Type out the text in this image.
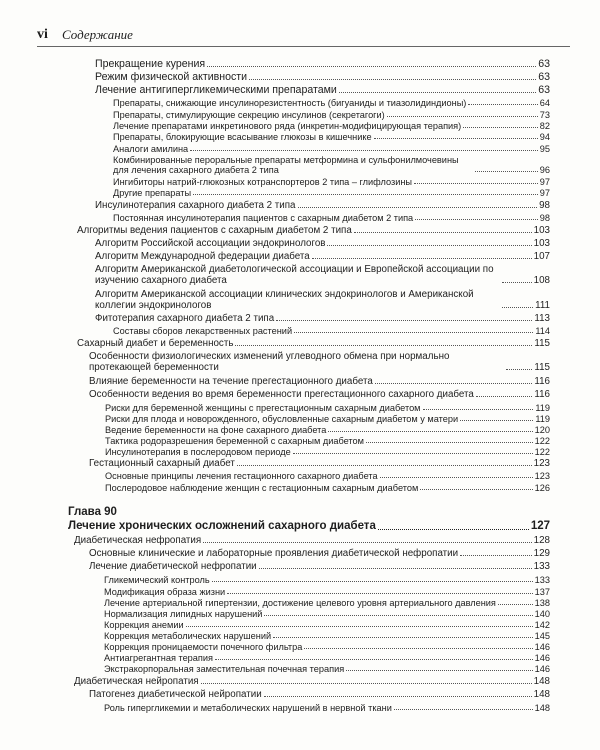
vi Содержание
Прекращение курения	63
Режим физической активности	63
Лечение антигипергликемическими препаратами	63
Препараты, снижающие инсулинорезистентность (бигуаниды и тиазолидиндионы)	64
Препараты, стимулирующие секрецию инсулинов (секретагоги)	73
Лечение препаратами инкретинового ряда (инкретин-модифицирующая терапия)	82
Препараты, блокирующие всасывание глюкозы в кишечнике	94
Аналоги амилина	95
Комбинированные пероральные препараты метформина и сульфонилмочевины для лечения сахарного диабета 2 типа	96
Ингибиторы натрий-глюкозных котранспортеров 2 типа – глифлозины	97
Другие препараты	97
Инсулинотерапия сахарного диабета 2 типа	98
Постоянная инсулинотерапия пациентов с сахарным диабетом 2 типа	98
Алгоритмы ведения пациентов с сахарным диабетом 2 типа	103
Алгоритм Российской ассоциации эндокринологов	103
Алгоритм Международной федерации диабета	107
Алгоритм Американской диабетологической ассоциации и Европейской ассоциации по изучению сахарного диабета	108
Алгоритм Американской ассоциации клинических эндокринологов и Американской коллегии эндокринологов	111
Фитотерапия сахарного диабета 2 типа	113
Составы сборов лекарственных растений	114
Сахарный диабет и беременность	115
Особенности физиологических изменений углеводного обмена при нормально протекающей беременности	115
Влияние беременности на течение прегестационного диабета	116
Особенности ведения во время беременности прегестационного сахарного диабета	116
Риски для беременной женщины с прегестационным сахарным диабетом	119
Риски для плода и новорожденного, обусловленные сахарным диабетом у матери	119
Ведение беременности на фоне сахарного диабета	120
Тактика родоразрешения беременной с сахарным диабетом	122
Инсулинотерапия в послеродовом периоде	122
Гестационный сахарный диабет	123
Основные принципы лечения гестационного сахарного диабета	123
Послеродовое наблюдение женщин с гестационным сахарным диабетом	126
Глава 90
Лечение хронических осложнений сахарного диабета	127
Диабетическая нефропатия	128
Основные клинические и лабораторные проявления диабетической нефропатии	129
Лечение диабетической нефропатии	133
Гликемический контроль	133
Модификация образа жизни	137
Лечение артериальной гипертензии, достижение целевого уровня артериального давления	138
Нормализация липидных нарушений	140
Коррекция анемии	142
Коррекция метаболических нарушений	145
Коррекция проницаемости почечного фильтра	146
Антиагрегантная терапия	146
Экстракорпоральная заместительная почечная терапия	146
Диабетическая нейропатия	148
Патогенез диабетической нейропатии	148
Роль гипергликемии и метаболических нарушений в нервной ткани	148
